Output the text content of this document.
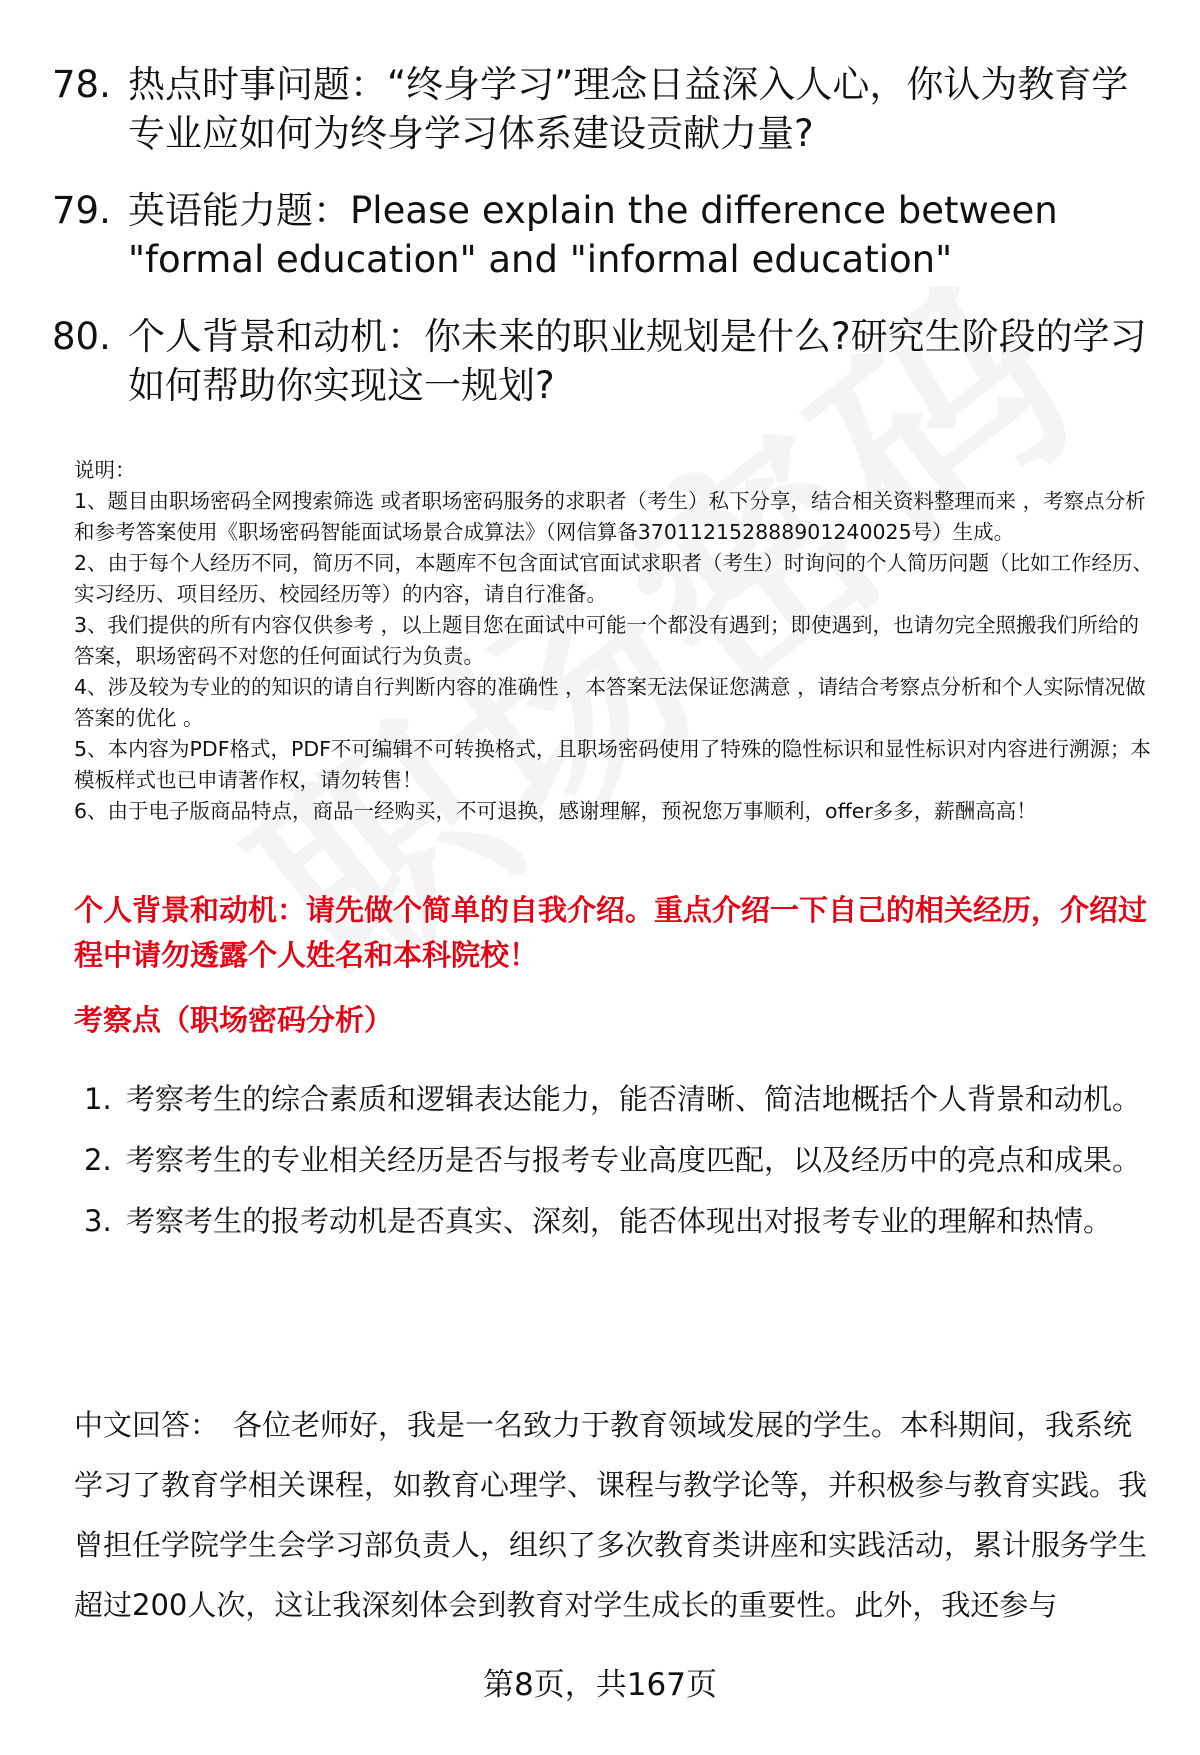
78. 热点时事问题：“终身学习”理念日益深入人心，你认为教育学专业应如何为终身学习体系建设贡献力量?
79. 英语能力题：Please explain the difference between "formal education" and "informal education"
80. 个人背景和动机：你未来的职业规划是什么?研究生阶段的学习如何帮助你实现这一规划?

说明：

1、题目由职场密码全网搜索筛选 或者职场密码服务的求职者（考生）私下分享，结合相关资料整理而来 ，考察点分析和参考答案使用《职场密码智能面试场景合成算法》（网信算备370112152888901240025号）生成。

2、由于每个人经历不同，简历不同，本题库不包含面试官面试求职者（考生）时询问的个人简历问题（比如工作经历、实习经历、项目经历、校园经历等）的内容，请自行准备。

3、我们提供的所有内容仅供参考 ，以上题目您在面试中可能一个都没有遇到；即使遇到，也请勿完全照搬我们所给的答案，职场密码不对您的任何面试行为负责。

4、涉及较为专业的的知识的请自行判断内容的准确性 ，本答案无法保证您满意 ，请结合考察点分析和个人实际情况做答案的优化 。

5、本内容为PDF格式，PDF不可编辑不可转换格式，且职场密码使用了特殊的隐性标识和显性标识对内容进行溯源；本模板样式也已申请著作权，请勿转售！

6、由于电子版商品特点，商品一经购买，不可退换，感谢理解，预祝您万事顺利，offer多多，薪酬高高！

个人背景和动机：请先做个简单的自我介绍。重点介绍一下自己的相关经历，介绍过程中请勿透露个人姓名和本科院校！
考察点（职场密码分析）
1. 考察考生的综合素质和逻辑表达能力，能否清晰、简洁地概括个人背景和动机。
2. 考察考生的专业相关经历是否与报考专业高度匹配，以及经历中的亮点和成果。
3. 考察考生的报考动机是否真实、深刻，能否体现出对报考专业的理解和热情。
中文回答： 各位老师好，我是一名致力于教育领域发展的学生。本科期间，我系统学习了教育学相关课程，如教育心理学、课程与教学论等，并积极参与教育实践。我曾担任学院学生会学习部负责人，组织了多次教育类讲座和实践活动，累计服务学生超过200人次，这让我深刻体会到教育对学生成长的重要性。此外，我还参与
第8页，共167页
